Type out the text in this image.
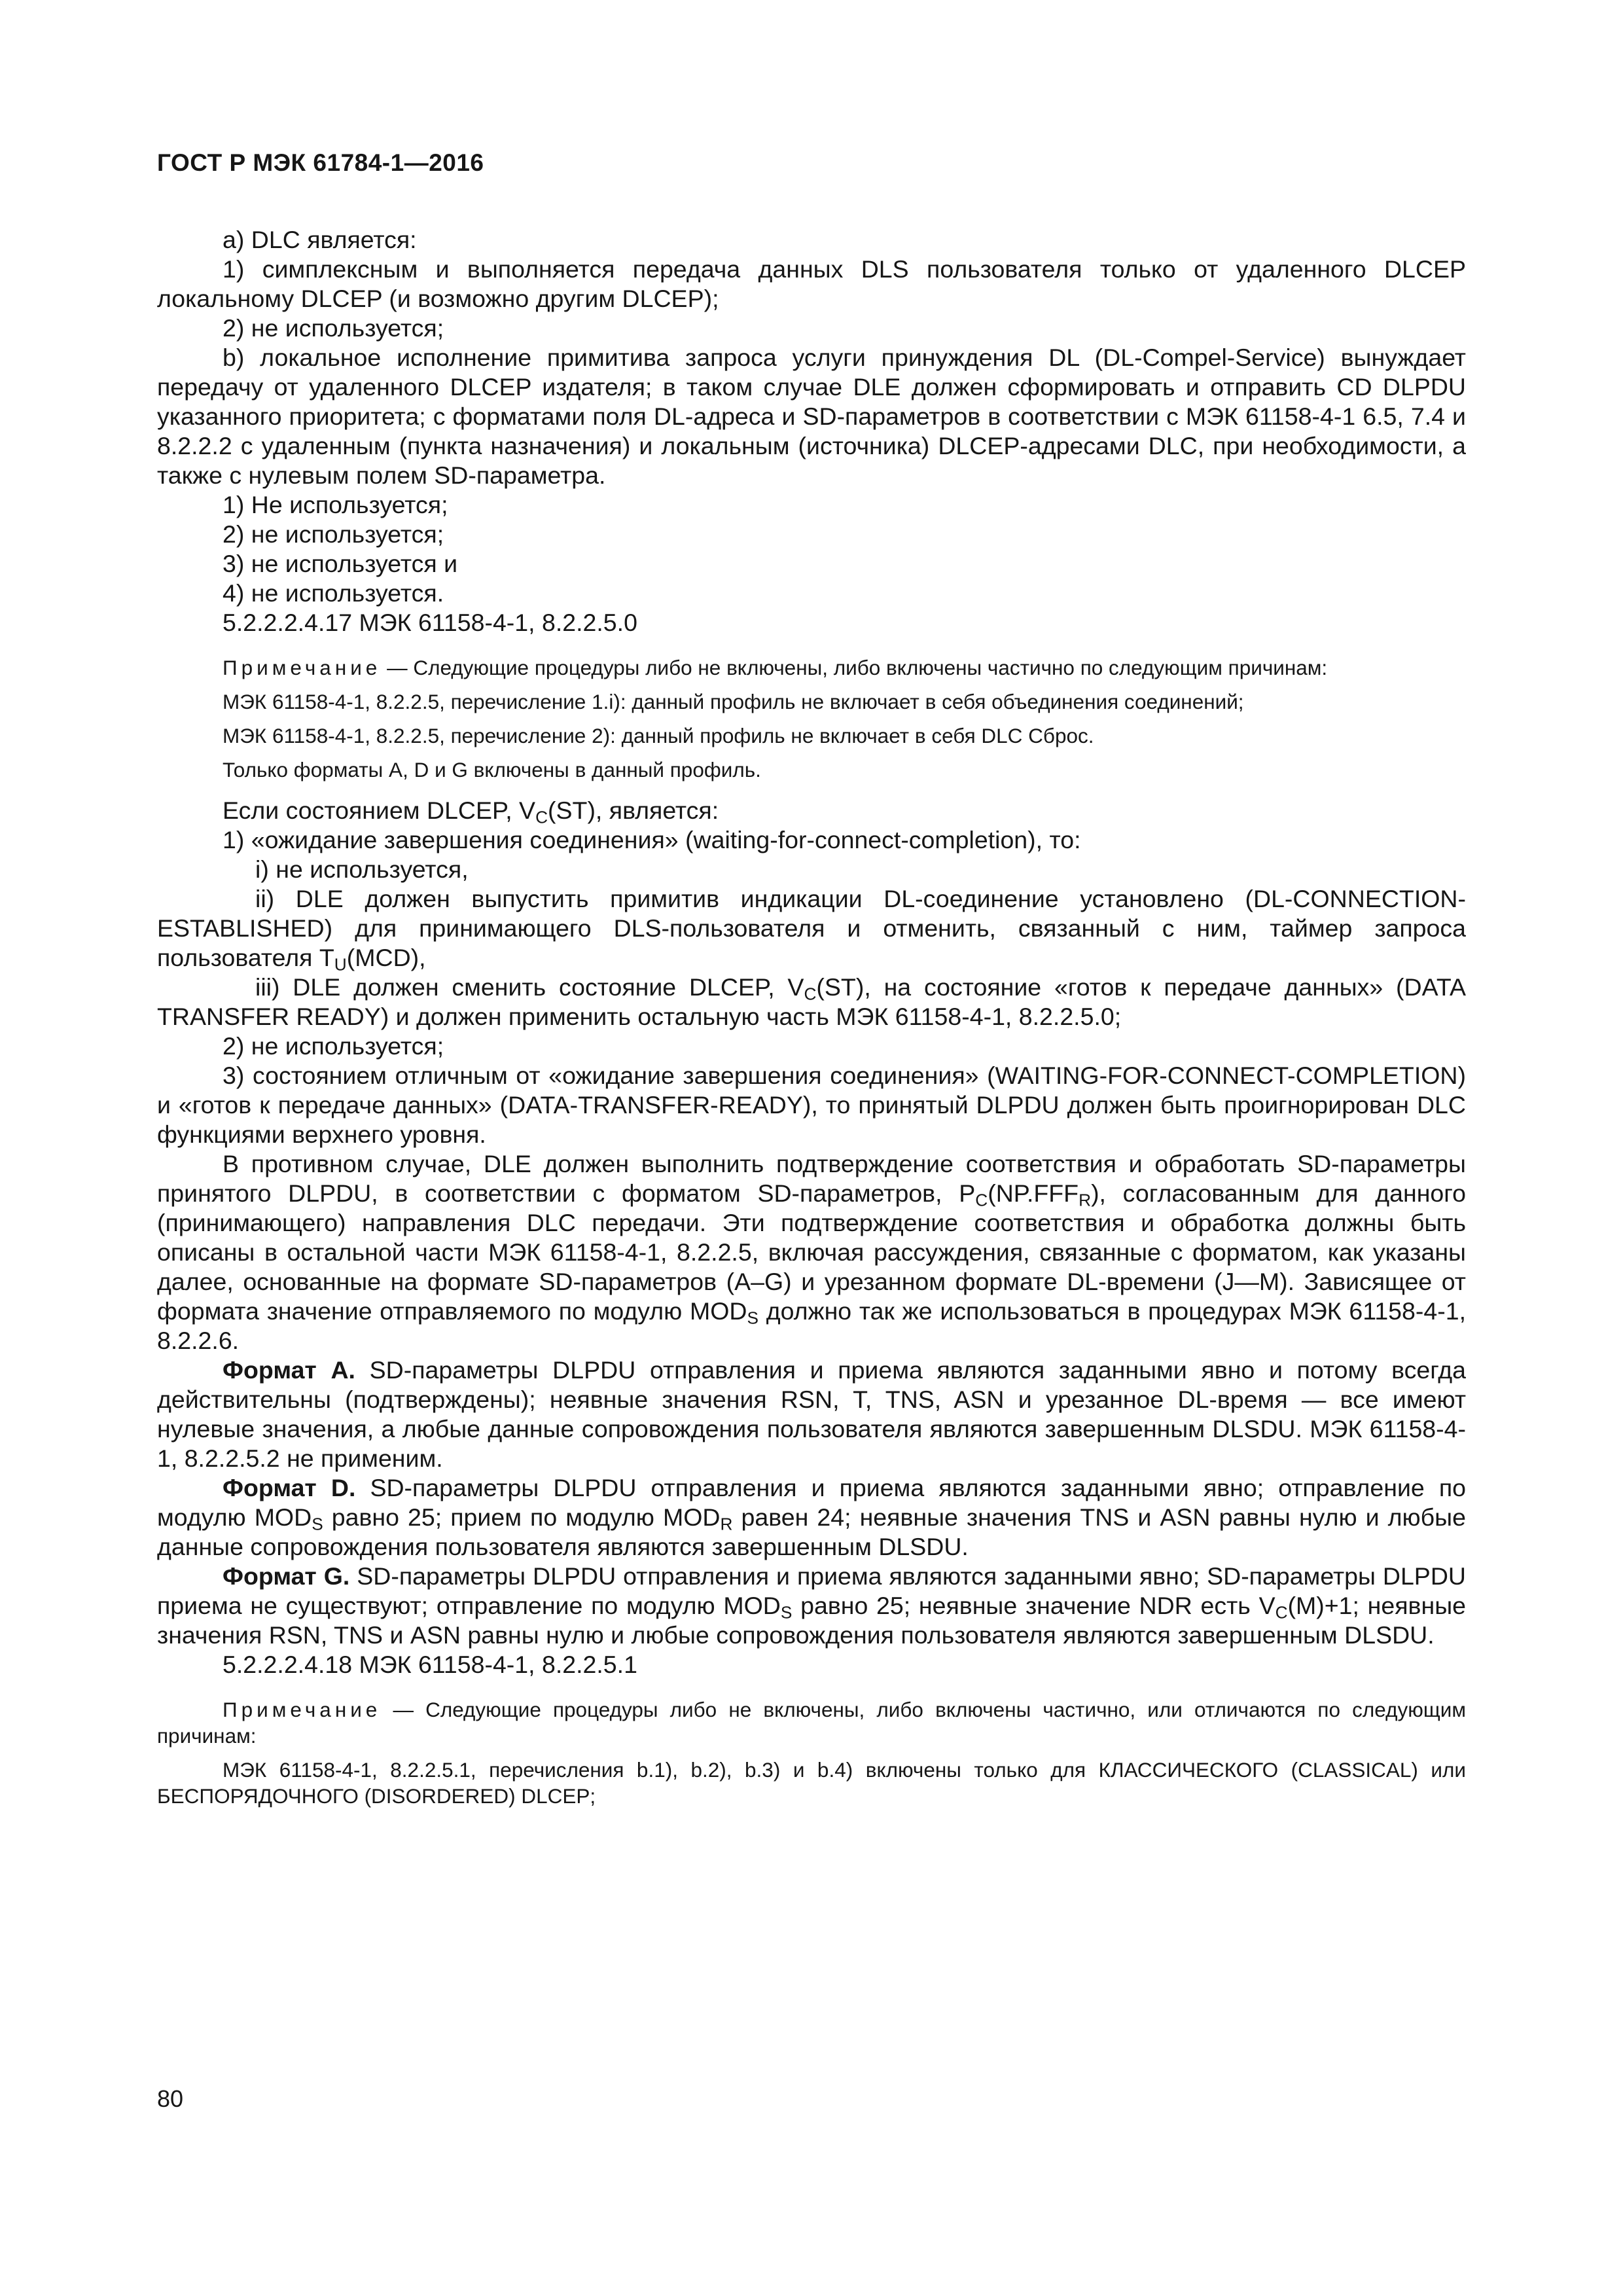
ГОСТ Р МЭК 61784-1—2016

a) DLC является:

1) симплексным и выполняется передача данных DLS пользователя только от удаленного DLCEP локальному DLCEP (и возможно другим DLCEP);

2) не используется;

b) локальное исполнение примитива запроса услуги принуждения DL (DL-Compel-Service) вынуждает передачу от удаленного DLCEP издателя; в таком случае DLE должен сформировать и отправить CD DLPDU указанного приоритета; с форматами поля DL-адреса и SD-параметров в соответствии с МЭК 61158-4-1 6.5, 7.4 и 8.2.2.2 с удаленным (пункта назначения) и локальным (источника) DLCEP-адресами DLC, при необходимости, а также с нулевым полем SD-параметра.

1) Не используется;

2) не используется;

3) не используется и

4) не используется.

5.2.2.2.4.17 МЭК 61158-4-1, 8.2.2.5.0

Примечание — Следующие процедуры либо не включены, либо включены частично по следующим причинам:

МЭК 61158-4-1, 8.2.2.5, перечисление 1.i): данный профиль не включает в себя объединения соединений;

МЭК 61158-4-1, 8.2.2.5, перечисление 2): данный профиль не включает в себя DLC Сброс.

Только форматы A, D и G включены в данный профиль.

Если состоянием DLCEP, $V_C(ST)$, является:

1) «ожидание завершения соединения» (waiting-for-connect-completion), то:

i) не используется,

ii) DLE должен выпустить примитив индикации DL-соединение установлено (DL-CONNECTION-ESTABLISHED) для принимающего DLS-пользователя и отменить, связанный с ним, таймер запроса пользователя $T_U(MCD)$,

iii) DLE должен сменить состояние DLCEP, $V_C(ST)$, на состояние «готов к передаче данных» (DATA TRANSFER READY) и должен применить остальную часть МЭК 61158-4-1, 8.2.2.5.0;

2) не используется;

3) состоянием отличным от «ожидание завершения соединения» (WAITING-FOR-CONNECT-COMPLETION) и «готов к передаче данных» (DATA-TRANSFER-READY), то принятый DLPDU должен быть проигнорирован DLC функциями верхнего уровня.

В противном случае, DLE должен выполнить подтверждение соответствия и обработать SD-параметры принятого DLPDU, в соответствии с форматом SD-параметров, $P_C(NP.FFF_R)$, согласованным для данного (принимающего) направления DLC передачи. Эти подтверждение соответствия и обработка должны быть описаны в остальной части МЭК 61158-4-1, 8.2.2.5, включая рассуждения, связанные с форматом, как указаны далее, основанные на формате SD-параметров (A–G) и урезанном формате DL-времени (J—M). Зависящее от формата значение отправляемого по модулю $MOD_S$ должно так же использоваться в процедурах МЭК 61158-4-1, 8.2.2.6.

Формат А. SD-параметры DLPDU отправления и приема являются заданными явно и потому всегда действительны (подтверждены); неявные значения RSN, T, TNS, ASN и урезанное DL-время — все имеют нулевые значения, а любые данные сопровождения пользователя являются завершенным DLSDU. МЭК 61158-4-1, 8.2.2.5.2 не применим.

Формат D. SD-параметры DLPDU отправления и приема являются заданными явно; отправление по модулю $MOD_S$ равно 25; прием по модулю $MOD_R$ равен 24; неявные значения TNS и ASN равны нулю и любые данные сопровождения пользователя являются завершенным DLSDU.

Формат G. SD-параметры DLPDU отправления и приема являются заданными явно; SD-параметры DLPDU приема не существуют; отправление по модулю $MOD_S$ равно 25; неявные значение NDR есть $V_C(M)+1$; неявные значения RSN, TNS и ASN равны нулю и любые сопровождения пользователя являются завершенным DLSDU.

5.2.2.2.4.18 МЭК 61158-4-1, 8.2.2.5.1

Примечание — Следующие процедуры либо не включены, либо включены частично, или отличаются по следующим причинам:

МЭК 61158-4-1, 8.2.2.5.1, перечисления b.1), b.2), b.3) и b.4) включены только для КЛАССИЧЕСКОГО (CLASSICAL) или БЕСПОРЯДОЧНОГО (DISORDERED) DLCEP;

80
